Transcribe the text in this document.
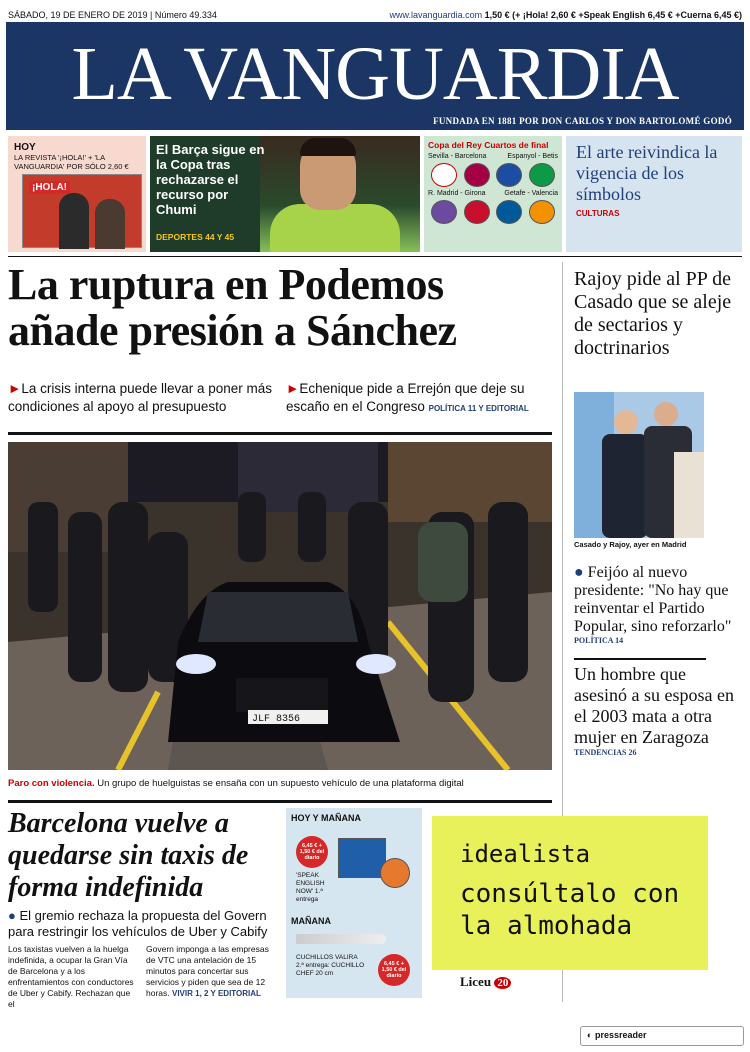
SÁBADO, 19 DE ENERO DE 2019 | Número 49.334	www.lavanguardia.com 1,50 € (+ ¡Hola! 2,60 € +Speak English 6,45 € +Cuerna 6,45 €)
LA VANGUARDIA
FUNDADA EN 1881 POR DON CARLOS Y DON BARTOLOMÉ GODÓ
HOY
LA REVISTA '¡HOLA!' + 'LA VANGUARDIA' POR SÓLO 2,60 €
¡HOLA!
El Barça sigue en la Copa tras rechazarse el recurso por Chumi
DEPORTES 44 Y 45
Copa del Rey Cuartos de final
Sevilla - Barcelona	Espanyol - Betis
R. Madrid - Girona	Getafe - Valencia
El arte reivindica la vigencia de los símbolos
CULTURAS
La ruptura en Podemos añade presión a Sánchez
►La crisis interna puede llevar a poner más condiciones al apoyo al presupuesto
►Echenique pide a Errejón que deje su escaño en el Congreso POLÍTICA 11 Y EDITORIAL
JLF 8356
Paro con violencia. Un grupo de huelguistas se ensaña con un supuesto vehículo de una plataforma digital
Rajoy pide al PP de Casado que se aleje de sectarios y doctrinarios
Casado y Rajoy, ayer en Madrid
● Feijóo al nuevo presidente: "No hay que reinventar el Partido Popular, sino reforzarlo"
POLÍTICA 14
Un hombre que asesinó a su esposa en el 2003 mata a otra mujer en Zaragoza
TENDENCIAS 26
Barcelona vuelve a quedarse sin taxis de forma indefinida
● El gremio rechaza la propuesta del Govern para restringir los vehículos de Uber y Cabify
Los taxistas vuelven a la huelga indefinida, a ocupar la Gran Vía de Barcelona y a los enfrentamientos con conductores de Uber y Cabify. Rechazan que el
Govern imponga a las empresas de VTC una antelación de 15 minutos para concertar sus servicios y piden que sea de 12 horas. VIVIR 1, 2 Y EDITORIAL
HOY Y MAÑANA
6,45 € + 1,50 € del diario
'SPEAK ENGLISH NOW' 1.ª entrega
MAÑANA
CUCHILLOS VALIRA 2.ª entrega: CUCHILLO CHEF 20 cm
6,45 € + 1,50 € del diario
idealista
consúltalo con la almohada
Liceu 20
◐ pressreader
